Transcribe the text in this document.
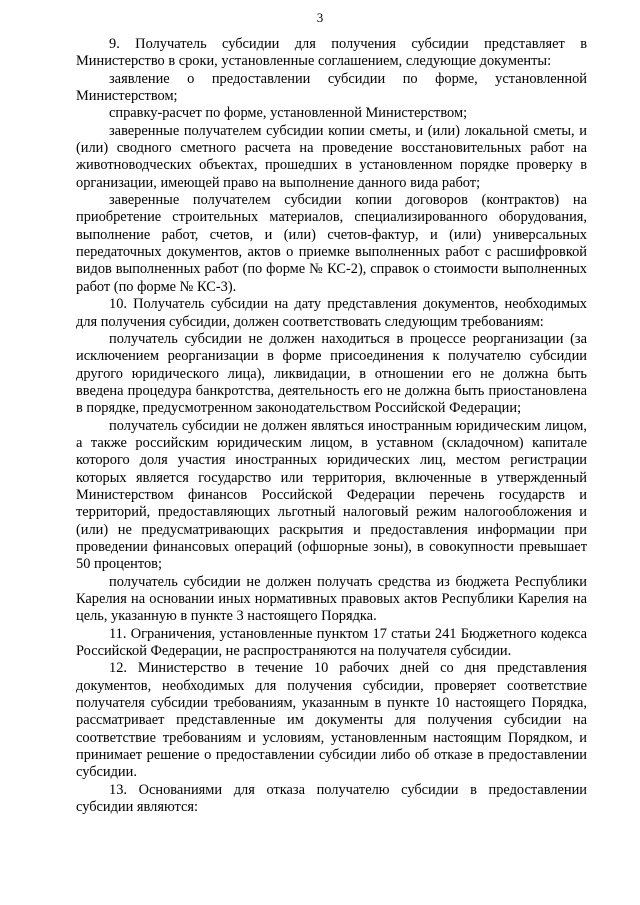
3

9. Получатель субсидии для получения субсидии представляет в Министерство в сроки, установленные соглашением, следующие документы:

заявление о предоставлении субсидии по форме, установленной Министерством;

справку-расчет по форме, установленной Министерством;

заверенные получателем субсидии копии сметы, и (или) локальной сметы, и (или) сводного сметного расчета на проведение восстановительных работ на животноводческих объектах, прошедших в установленном порядке проверку в организации, имеющей право на выполнение данного вида работ;

заверенные получателем субсидии копии договоров (контрактов) на приобретение строительных материалов, специализированного оборудования, выполнение работ, счетов, и (или) счетов-фактур, и (или) универсальных передаточных документов, актов о приемке выполненных работ с расшифровкой видов выполненных работ (по форме № КС-2), справок о стоимости выполненных работ (по форме № КС-3).

10. Получатель субсидии на дату представления документов, необходимых для получения субсидии, должен соответствовать следующим требованиям:

получатель субсидии не должен находиться в процессе реорганизации (за исключением реорганизации в форме присоединения к получателю субсидии другого юридического лица), ликвидации, в отношении его не должна быть введена процедура банкротства, деятельность его не должна быть приостановлена в порядке, предусмотренном законодательством Российской Федерации;

получатель субсидии не должен являться иностранным юридическим лицом, а также российским юридическим лицом, в уставном (складочном) капитале которого доля участия иностранных юридических лиц, местом регистрации которых является государство или территория, включенные в утвержденный Министерством финансов Российской Федерации перечень государств и территорий, предоставляющих льготный налоговый режим налогообложения и (или) не предусматривающих раскрытия и предоставления информации при проведении финансовых операций (офшорные зоны), в совокупности превышает 50 процентов;

получатель субсидии не должен получать средства из бюджета Республики Карелия на основании иных нормативных правовых актов Республики Карелия на цель, указанную в пункте 3 настоящего Порядка.

11. Ограничения, установленные пунктом 17 статьи 241 Бюджетного кодекса Российской Федерации, не распространяются на получателя субсидии.

12. Министерство в течение 10 рабочих дней со дня представления документов, необходимых для получения субсидии, проверяет соответствие получателя субсидии требованиям, указанным в пункте 10 настоящего Порядка, рассматривает представленные им документы для получения субсидии на соответствие требованиям и условиям, установленным настоящим Порядком, и принимает решение о предоставлении субсидии либо об отказе в предоставлении субсидии.

13. Основаниями для отказа получателю субсидии в предоставлении субсидии являются:
